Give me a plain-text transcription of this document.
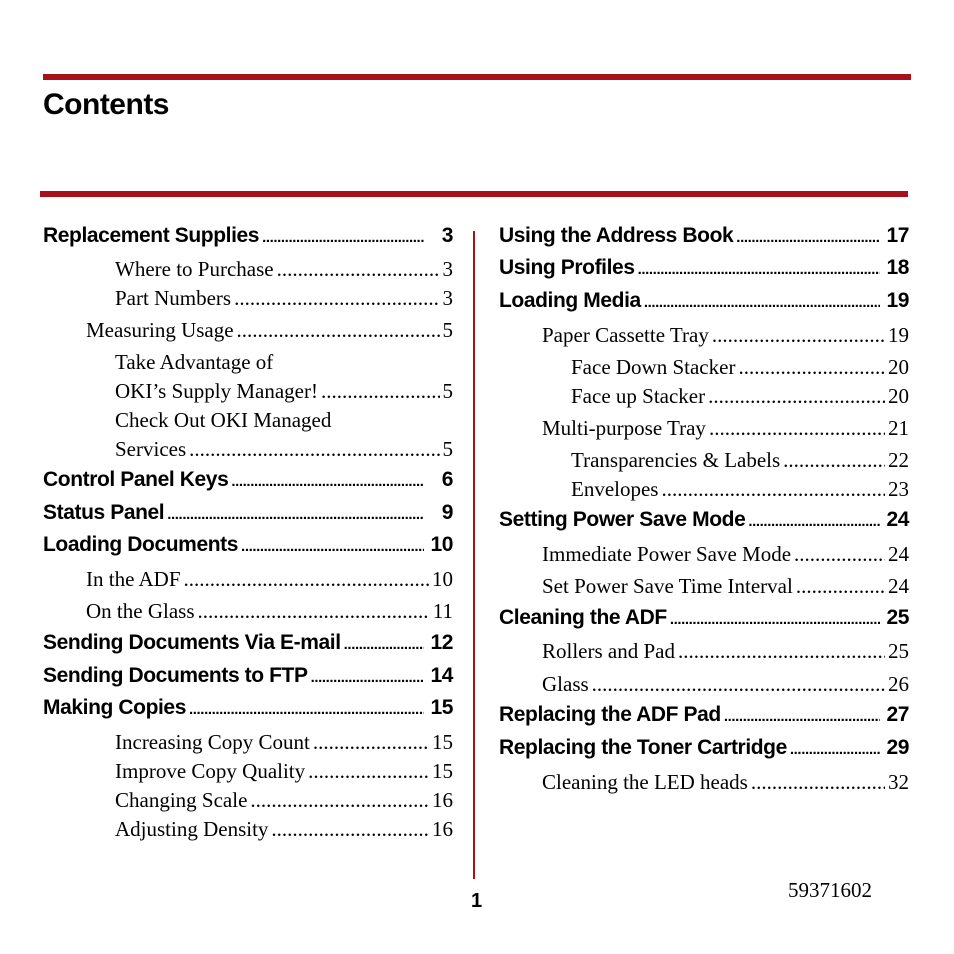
Contents
Replacement Supplies .....	3
Where to Purchase .....	3
Part Numbers .....	3
Measuring Usage .....	5
Take Advantage of
OKI’s Supply Manager! .....	5
Check Out OKI Managed
Services .....	5
Control Panel Keys .....	6
Status Panel .....	9
Loading Documents .....	10
In the ADF .....	10
On the Glass .....	11
Sending Documents Via E-mail .....	12
Sending Documents to FTP .....	14
Making Copies .....	15
Increasing Copy Count .....	15
Improve Copy Quality .....	15
Changing Scale .....	16
Adjusting Density .....	16
Using the Address Book .....	17
Using Profiles .....	18
Loading Media .....	19
Paper Cassette Tray .....	19
Face Down Stacker .....	20
Face up Stacker .....	20
Multi-purpose Tray .....	21
Transparencies & Labels .....	22
Envelopes .....	23
Setting Power Save Mode .....	24
Immediate Power Save Mode .....	24
Set Power Save Time Interval .....	24
Cleaning the ADF .....	25
Rollers and Pad .....	25
Glass .....	26
Replacing the ADF Pad .....	27
Replacing the Toner Cartridge .....	29
Cleaning the LED heads .....	32
1	59371602
